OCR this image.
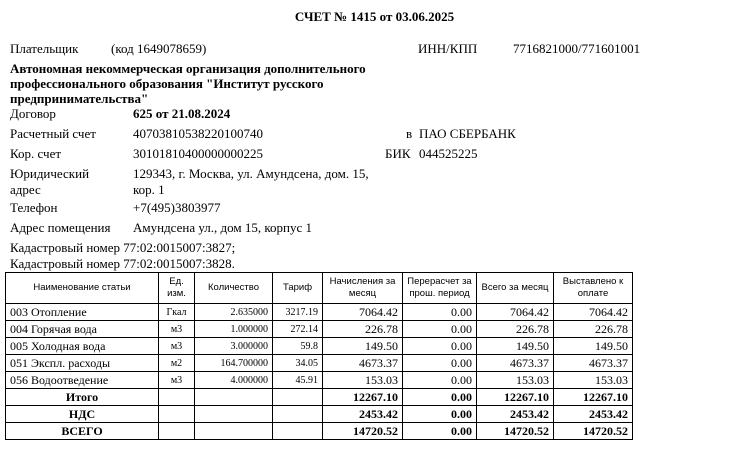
СЧЕТ № 1415 от 03.06.2025
Плательщик	(код 1649078659)	ИНН/КПП	7716821000/771601001
Автономная некоммерческая организация дополнительного профессионального образования "Институт русского предпринимательства"
Договор	625 от 21.08.2024
Расчетный счет	40703810538220100740	в ПАО СБЕРБАНК
Кор. счет	30101810400000000225	БИК 044525225
Юридический
адрес
129343, г. Москва, ул. Амундсена, дом. 15,
кор. 1
Телефон	+7(495)3803977
Адрес помещения Амундсена ул., дом 15, корпус 1
Кадастровый номер 77:02:0015007:3827;
Кадастровый номер 77:02:0015007:3828.
Наименование статьи	Ед. изм.	Количество	Тариф	Начисления за месяц	Перерасчет за прош. период	Всего за месяц	Выставлено к оплате
003 Отопление	Гкал	2.635000	3217.19	7064.42	0.00	7064.42	7064.42
004 Горячая вода	м3	1.000000	272.14	226.78	0.00	226.78	226.78
005 Холодная вода	м3	3.000000	59.8	149.50	0.00	149.50	149.50
051 Экспл. расходы	м2	164.700000	34.05	4673.37	0.00	4673.37	4673.37
056 Водоотведение	м3	4.000000	45.91	153.03	0.00	153.03	153.03
Итого				12267.10	0.00	12267.10	12267.10
НДС				2453.42	0.00	2453.42	2453.42
ВСЕГО				14720.52	0.00	14720.52	14720.52
